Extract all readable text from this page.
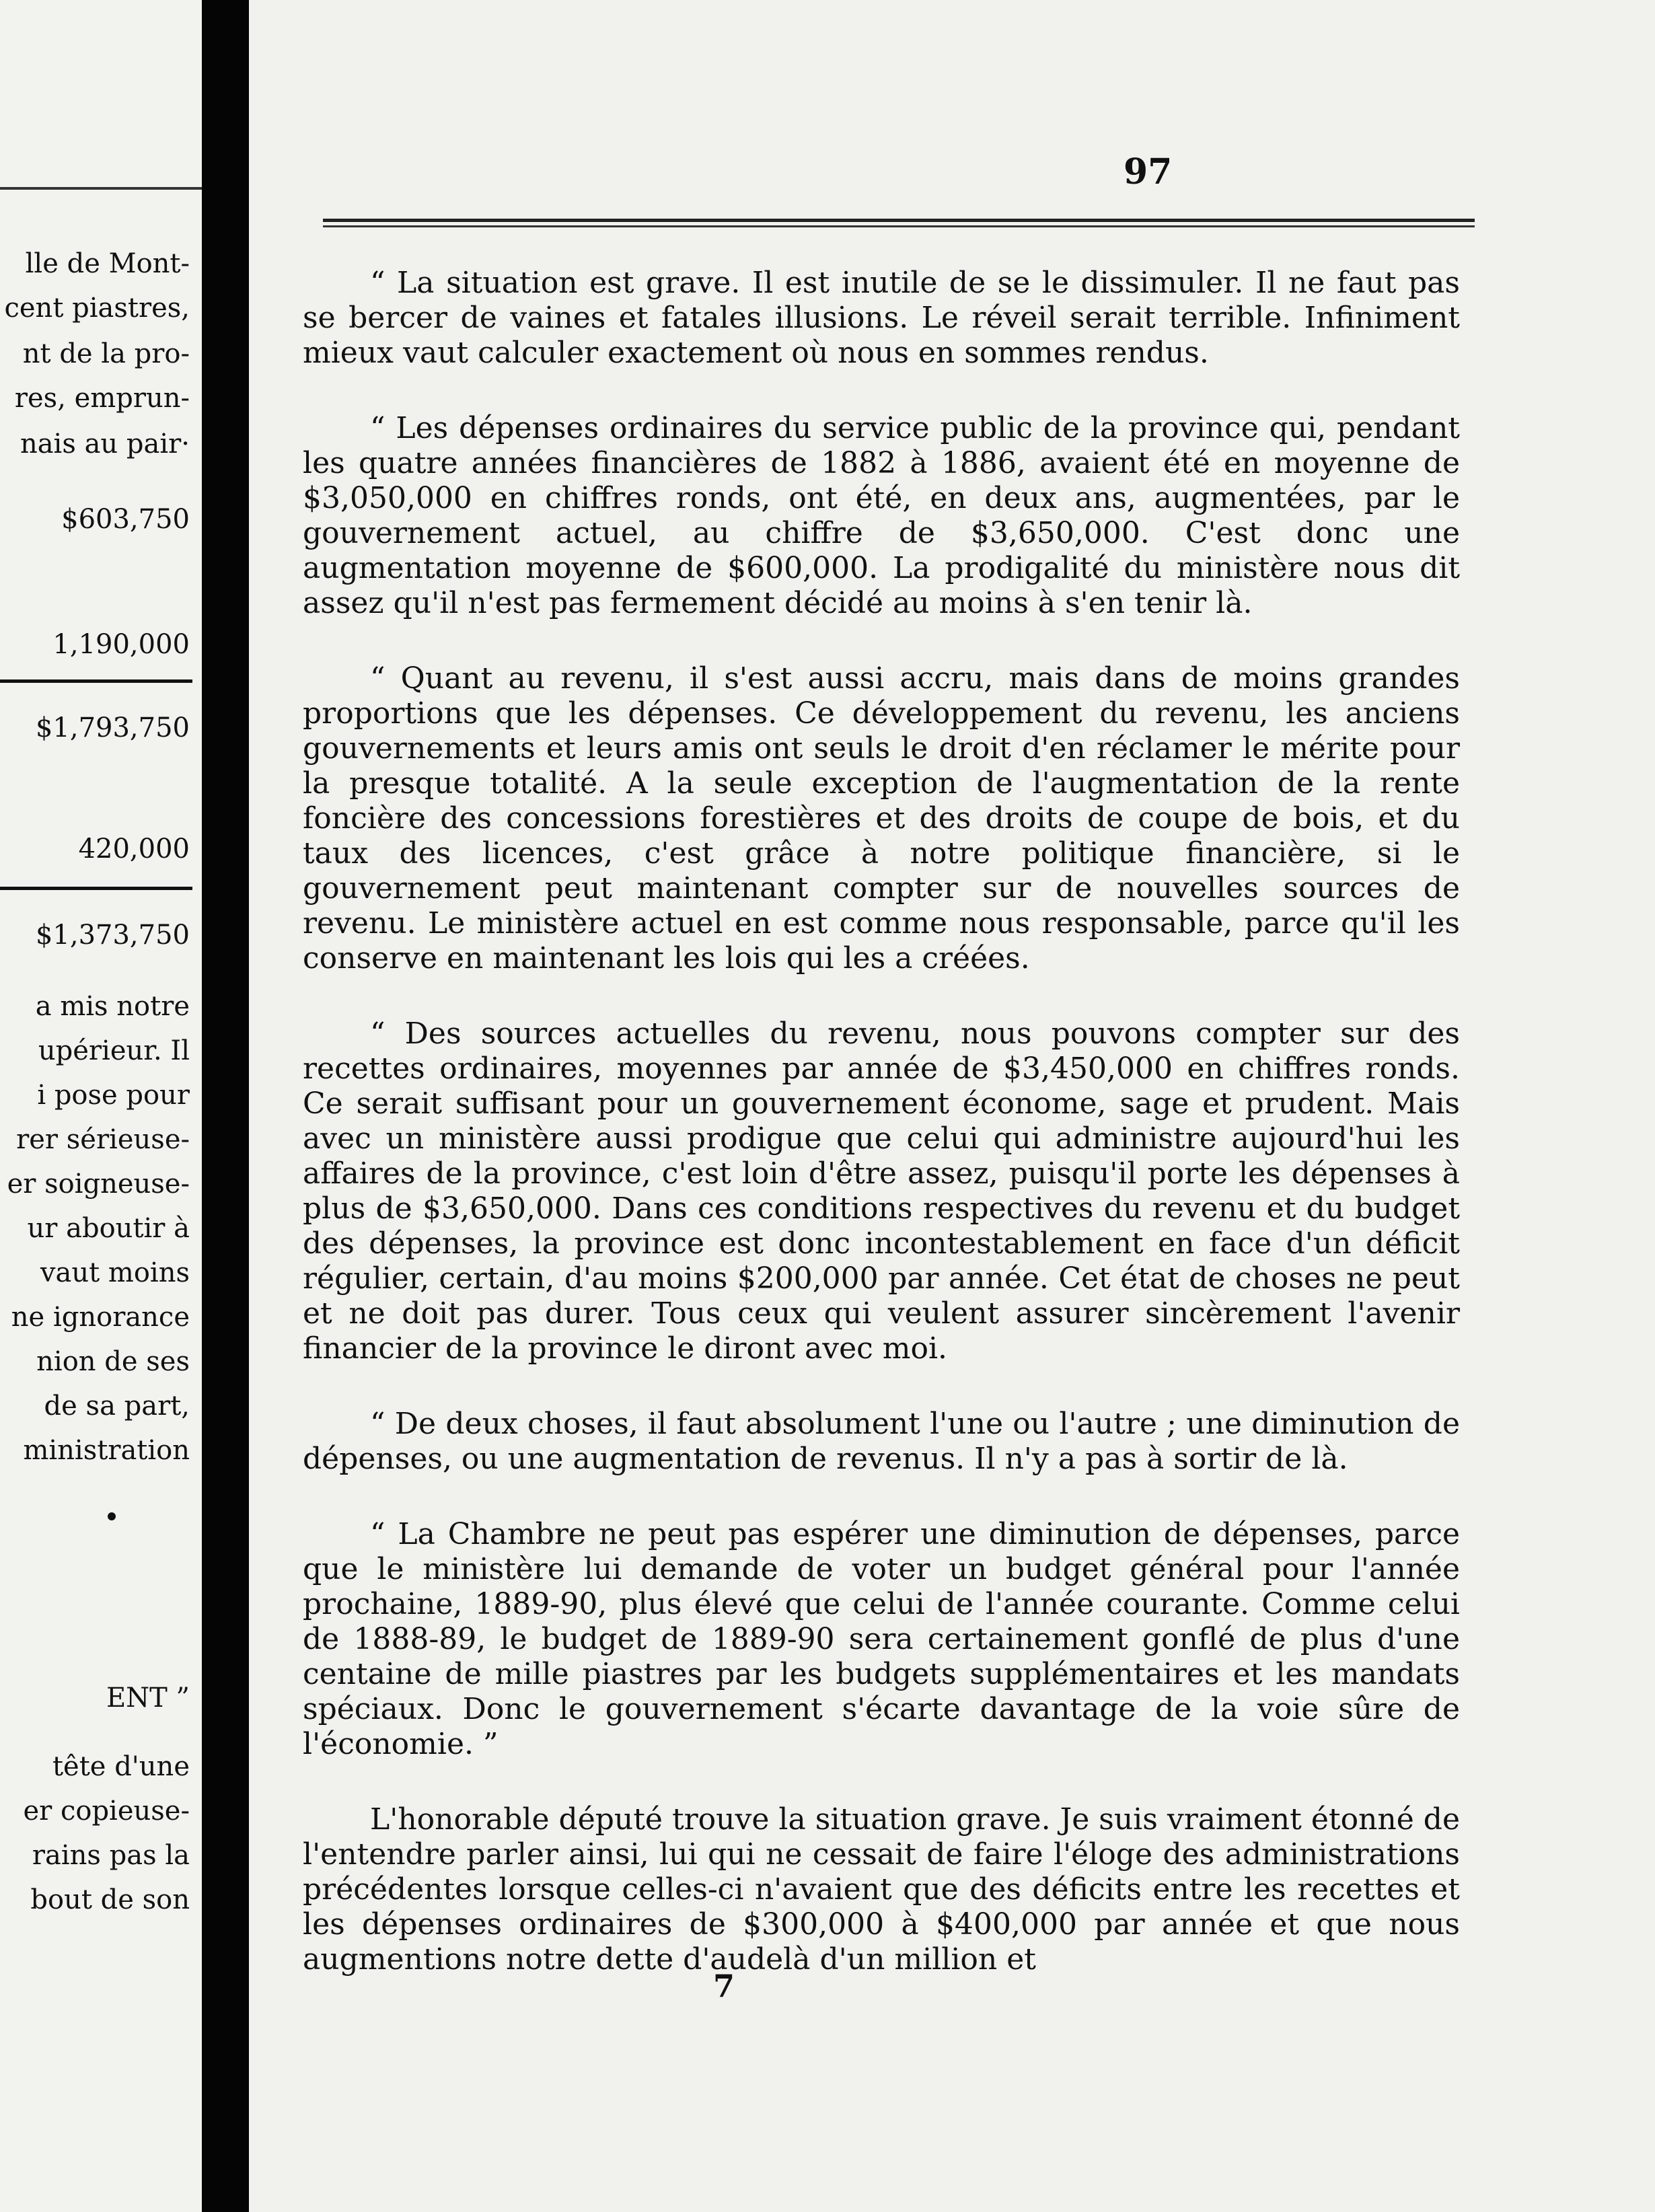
lle de Mont-
cent piastres,
nt de la pro-
res, emprun-
nais au pair·
$603,750
1,190,000
$1,793,750
420,000
$1,373,750
a mis notre
upérieur. Il
i pose pour
rer sérieuse-
er soigneuse-
ur aboutir à
vaut moins
ne ignorance
nion de ses
de sa part,
ministration
ENT ”
tête d'une
er copieuse-
rains pas la
bout de son
97

“ La situation est grave. Il est inutile de se le dissimuler. Il ne faut pas se bercer de vaines et fatales illusions. Le réveil serait terrible. Infiniment mieux vaut calculer exactement où nous en sommes rendus.

“ Les dépenses ordinaires du service public de la province qui, pendant les quatre années financières de 1882 à 1886, avaient été en moyenne de $3,050,000 en chiffres ronds, ont été, en deux ans, augmentées, par le gouvernement actuel, au chiffre de $3,650,000. C'est donc une augmentation moyenne de $600,000. La prodigalité du ministère nous dit assez qu'il n'est pas fermement décidé au moins à s'en tenir là.

“ Quant au revenu, il s'est aussi accru, mais dans de moins grandes proportions que les dépenses. Ce développement du revenu, les anciens gouvernements et leurs amis ont seuls le droit d'en réclamer le mérite pour la presque totalité. A la seule exception de l'augmentation de la rente foncière des concessions forestières et des droits de coupe de bois, et du taux des licences, c'est grâce à notre politique financière, si le gouvernement peut maintenant compter sur de nouvelles sources de revenu. Le ministère actuel en est comme nous responsable, parce qu'il les conserve en maintenant les lois qui les a créées.

“ Des sources actuelles du revenu, nous pouvons compter sur des recettes ordinaires, moyennes par année de $3,450,000 en chiffres ronds. Ce serait suffisant pour un gouvernement économe, sage et prudent. Mais avec un ministère aussi prodigue que celui qui administre aujourd'hui les affaires de la province, c'est loin d'être assez, puisqu'il porte les dépenses à plus de $3,650,000. Dans ces conditions respectives du revenu et du budget des dépenses, la province est donc incontestablement en face d'un déficit régulier, certain, d'au moins $200,000 par année. Cet état de choses ne peut et ne doit pas durer. Tous ceux qui veulent assurer sincèrement l'avenir financier de la province le diront avec moi.

“ De deux choses, il faut absolument l'une ou l'autre ; une diminution de dépenses, ou une augmentation de revenus. Il n'y a pas à sortir de là.

“ La Chambre ne peut pas espérer une diminution de dépenses, parce que le ministère lui demande de voter un budget général pour l'année prochaine, 1889-90, plus élevé que celui de l'année courante. Comme celui de 1888-89, le budget de 1889-90 sera certainement gonflé de plus d'une centaine de mille piastres par les budgets supplémentaires et les mandats spéciaux. Donc le gouvernement s'écarte davantage de la voie sûre de l'économie. ”

L'honorable député trouve la situation grave. Je suis vraiment étonné de l'entendre parler ainsi, lui qui ne cessait de faire l'éloge des administrations précédentes lorsque celles-ci n'avaient que des déficits entre les recettes et les dépenses ordinaires de $300,000 à $400,000 par année et que nous augmentions notre dette d'audelà d'un million et

7
